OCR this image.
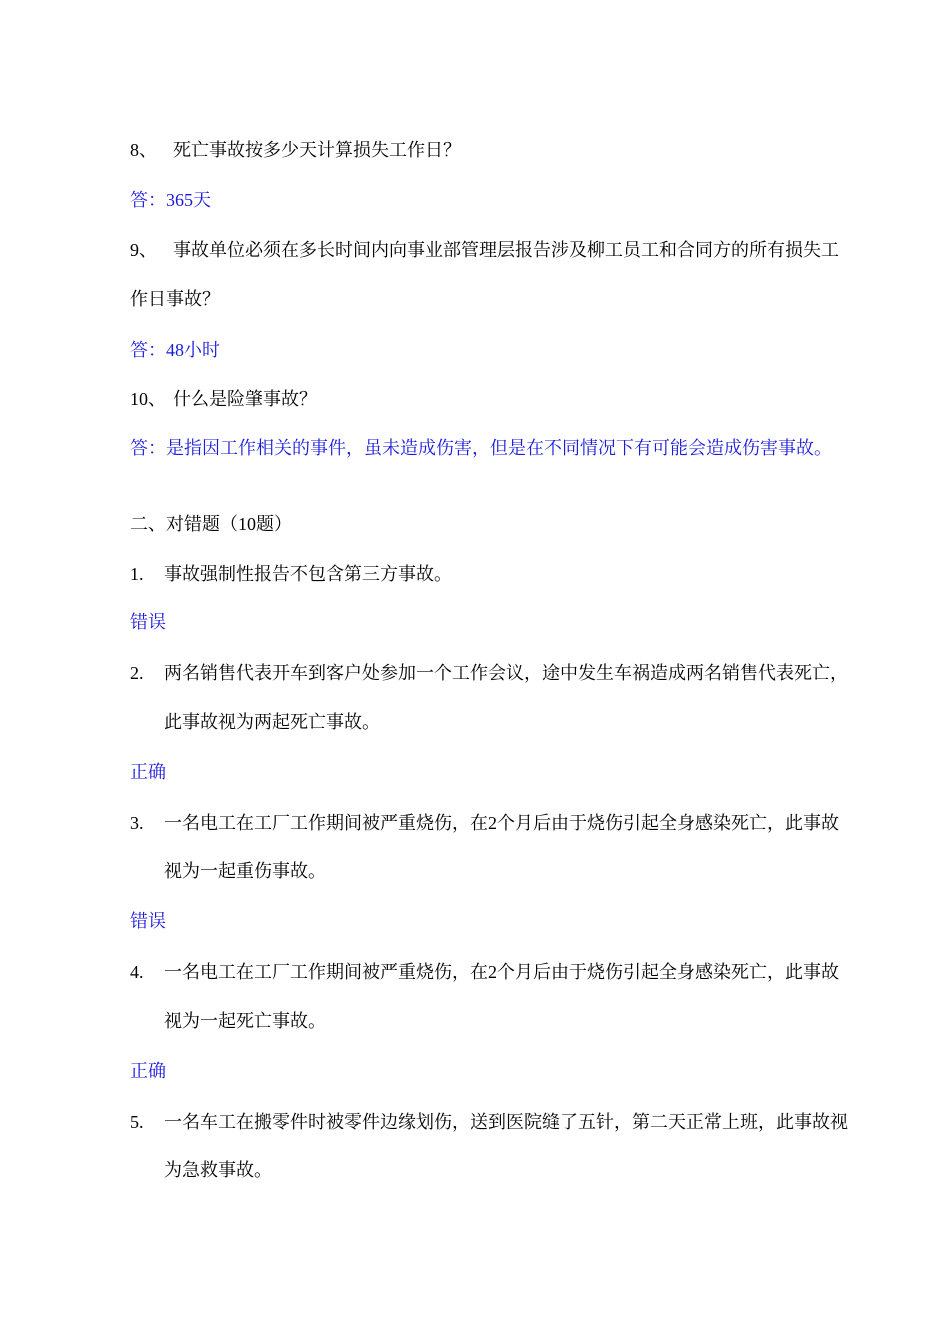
8、 死亡事故按多少天计算损失工作日？
答：365天
9、 事故单位必须在多长时间内向事业部管理层报告涉及柳工员工和合同方的所有损失工
作日事故？
答：48小时
10、 什么是险肇事故？
答：是指因工作相关的事件，虽未造成伤害，但是在不同情况下有可能会造成伤害事故。
二、对错题（10题）
1. 事故强制性报告不包含第三方事故。
错误
2. 两名销售代表开车到客户处参加一个工作会议，途中发生车祸造成两名销售代表死亡，
此事故视为两起死亡事故。
正确
3. 一名电工在工厂工作期间被严重烧伤，在2个月后由于烧伤引起全身感染死亡，此事故
视为一起重伤事故。
错误
4. 一名电工在工厂工作期间被严重烧伤，在2个月后由于烧伤引起全身感染死亡，此事故
视为一起死亡事故。
正确
5. 一名车工在搬零件时被零件边缘划伤，送到医院缝了五针，第二天正常上班，此事故视
为急救事故。
